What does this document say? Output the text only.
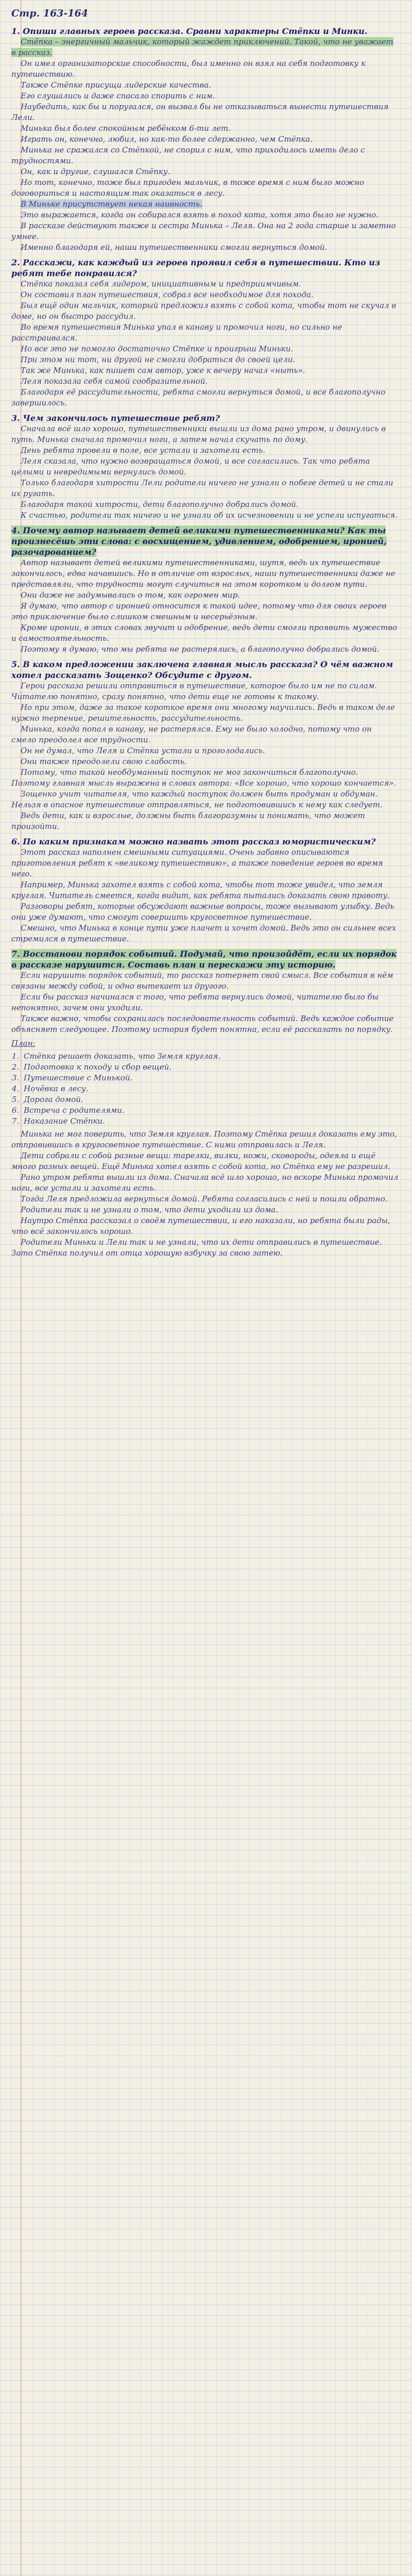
Стр. 163-164
1. Опиши главных героев рассказа. Сравни характеры Стёпки и Минки.

Стёпка – энергичный мальчик, который жаждет приключений. Такой, что не уважает в рассказ.

Он имел организаторские способности, был именно он взял на себя подготовку к путешествию.

Также Стёпке присущи лидерские качества.

Его слушались и даже спасало спорить с ним.

Наубедить, как бы и поругался, он вызвал бы не отказываться вынести путешествия Лели.

Минька был более спокойным ребёнком 6-ти лет.

Играть он, конечно, любил, но как-то более сдержанно, чем Стёпка.

Минька не сражался со Стёпкой, не спорил с ним, что приходилось иметь дело с трудностями.

Он, как и другие, слушался Стёпку.

Но тот, конечно, тоже был пригоден мальчик, в тоже время с ним было можно договориться и настоящим так оказаться в лесу.

В Миньке присутствует некая наивность.

Это выражается, когда он собирался взять в поход кота, хотя это было не нужно.

В рассказе действуют также и сестра Минька – Леля. Она на 2 года старше и заметно умнее.

Именно благодаря ей, наши путешественники смогли вернуться домой.

2. Расскажи, как каждый из героев проявил себя в путешествии. Кто из ребят тебе понравился?

Стёпка показал себя лидером, инициативным и предприимчивым.

Он составил план путешествия, собрал все необходимое для похода.

Был ещё один мальчик, который предложил взять с собой кота, чтобы тот не скучал в доме, но он быстро рассудил.

Во время путешествия Минька упал в канаву и промочил ноги, но сильно не расстраивался.

Но все это не помогло достаточно Стёпке и проигрыш Миньки.

При этом ни тот, ни другой не смогли добраться до своей цели.

Так же Минька, как пишет сам автор, уже к вечеру начал «ныть».

Леля показала себя самой сообразительной.

Благодаря её рассудительности, ребята смогли вернуться домой, и все благополучно завершилось.

3. Чем закончилось путешествие ребят?

Сначала всё шло хорошо, путешественники вышли из дома рано утром, и двинулись в путь. Минька сначала промочил ноги, а затем начал скучать по дому.

День ребята провели в поле, все устали и захотели есть.

Леля сказала, что нужно возвращаться домой, и все согласились. Так что ребята целыми и невредимыми вернулись домой.

Только благодаря хитрости Лели родители ничего не узнали о побеге детей и не стали их ругать.

Благодаря такой хитрости, дети благополучно добрались домой.

К счастью, родители так ничего и не узнали об их исчезновении и не успели испугаться.

4. Почему автор называет детей великими путешественниками? Как ты произнесёшь эти слова: с восхищением, удивлением, одобрением, иронией, разочарованием?

Автор называет детей великими путешественниками, шутя, ведь их путешествие закончилось, едва начавшись. Но в отличие от взрослых, наши путешественники даже не представляли, что трудности могут случиться на этом коротком и долгом пути.

Они даже не задумывались о том, как огромен мир.

Я думаю, что автор с иронией относится к такой идее, потому что для своих героев это приключение было слишком смешным и несерьёзным.

Кроме иронии, в этих словах звучит и одобрение, ведь дети смогли проявить мужество и самостоятельность.

Поэтому я думаю, что мы ребята не растерялись, а благополучно добрались домой.

5. В каком предложении заключена главная мысль рассказа? О чём важном хотел рассказать Зощенко? Обсудите с другом.

Герои рассказа решили отправиться в путешествие, которое было им не по силам. Читателю понятно, сразу понятно, что дети еще не готовы к такому.

Но при этом, даже за такое короткое время они многому научились. Ведь в таком деле нужно терпение, решительность, рассудительность.

Минька, когда попал в канаву, не растерялся. Ему не было холодно, потому что он смело преодолел все трудности.

Он не думал, что Леля и Стёпка устали и проголодались.

Они также преодолели свою слабость.

Потому, что такой необдуманный поступок не мог закончиться благополучно. Поэтому главная мысль выражена в словах автора: «Все хорошо, что хорошо кончается».

Зощенко учит читателя, что каждый поступок должен быть продуман и обдуман. Нельзя в опасное путешествие отправляться, не подготовившись к нему как следует.

Ведь дети, как и взрослые, должны быть благоразумны и понимать, что может произойти.

6. По каким признакам можно назвать этот рассказ юмористическим?

Этот рассказ наполнен смешными ситуациями. Очень забавно описываются приготовления ребят к «великому путешествию», а также поведение героев во время него.

Например, Минька захотел взять с собой кота, чтобы тот тоже увидел, что земля круглая. Читатель смеется, когда видит, как ребята пытались доказать свою правоту.

Разговоры ребят, которые обсуждают важные вопросы, тоже вызывают улыбку. Ведь они уже думают, что смогут совершить кругосветное путешествие.

Смешно, что Минька в конце пути уже плачет и хочет домой. Ведь это он сильнее всех стремился в путешествие.

7. Восстанови порядок событий. Подумай, что произойдёт, если их порядок в рассказе нарушится. Составь план и перескажи эту историю.

Если нарушить порядок событий, то рассказ потеряет свой смысл. Все события в нём связаны между собой, и одно вытекает из другого.

Если бы рассказ начинался с того, что ребята вернулись домой, читателю было бы непонятно, зачем они уходили.

Также важно, чтобы сохранилась последовательность событий. Ведь каждое событие объясняет следующее. Поэтому история будет понятна, если её рассказать по порядку.

План:

1. Стёпка решает доказать, что Земля круглая.
2. Подготовка к походу и сбор вещей.
3. Путешествие с Минькой.
4. Ночёвка в лесу.
5. Дорога домой.
6. Встреча с родителями.
7. Наказание Стёпки.

Минька не мог поверить, что Земля круглая. Поэтому Стёпка решил доказать ему это, отправившись в кругосветное путешествие. С ними отправилась и Леля.

Дети собрали с собой разные вещи: тарелки, вилки, ножи, сковороды, одеяла и ещё много разных вещей. Ещё Минька хотел взять с собой кота, но Стёпка ему не разрешил.

Рано утром ребята вышли из дома. Сначала всё шло хорошо, но вскоре Минька промочил ноги, все устали и захотели есть.

Тогда Леля предложила вернуться домой. Ребята согласились с ней и пошли обратно.

Родители так и не узнали о том, что дети уходили из дома.

Наутро Стёпка рассказал о своём путешествии, и его наказали, но ребята были рады, что всё закончилось хорошо.

Родители Миньки и Лели так и не узнали, что их дети отправились в путешествие. Зато Стёпка получил от отца хорошую взбучку за свою затею.
